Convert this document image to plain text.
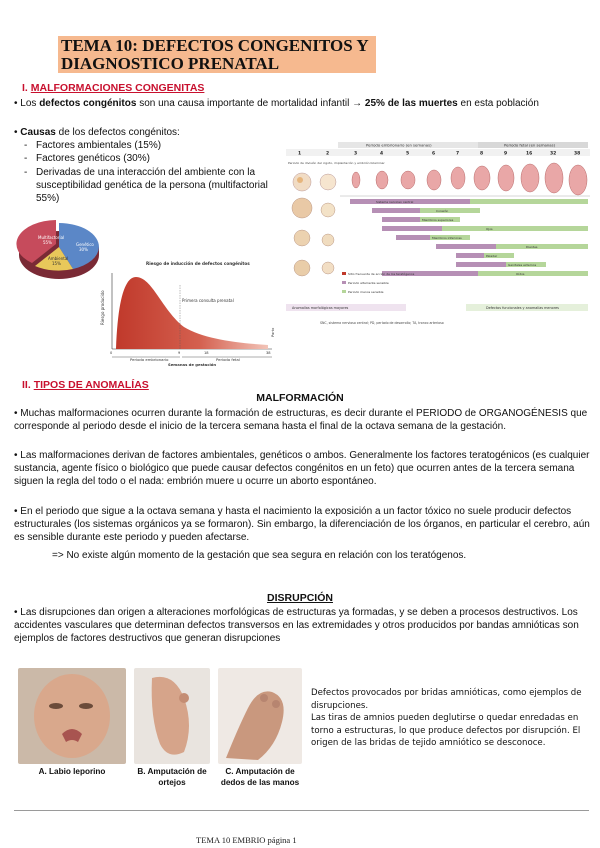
TEMA 10: DEFECTOS CONGENITOS Y DIAGNOSTICO PRENATAL
I. MALFORMACIONES CONGENITAS
• Los defectos congénitos son una causa importante de mortalidad infantil → 25% de las muertes en esta población
• Causas de los defectos congénitos:
- Factores ambientales (15%)
- Factores genéticos (30%)
- Derivadas de una interacción del ambiente con la susceptibilidad genética de la persona (multifactorial 55%)
Multifactorial
55%	Genético
30%
Ambiental
15%	Riesgo de inducción de defectos congénitos
Riesgo producido	Primera consulta prenatal
Parto
0	9	18	38
Periodo embrionario	Periodo fetal
Semanas de gestación
Periodo embrionario (en semanas)	Periodo fetal (en semanas)
1	2	3	4	5	6	7	8	9	16	32	38
Periodo de división del cigoto, implantación y embrión bilaminar
Sistema nervioso central
Corazón
Miembros superiores
Ojos
Miembros inferiores
Dientes
Paladar
Genitales externos
Oídos
Sitio frecuente de acción de los teratógenos
Periodo altamente sensible
Periodo menos sensible
Anomalías morfológicas mayores	Defectos funcionales y anomalías menores
SNC, sistema nervioso central; PD, período de desarrollo; TA, tronco arterioso
II. TIPOS DE ANOMALÍAS
MALFORMACIÓN
• Muchas malformaciones ocurren durante la formación de estructuras, es decir durante el PERIODO de ORGANOGÉNESIS que corresponde al periodo desde el inicio de la tercera semana hasta el final de la octava semana de la gestación.
• Las malformaciones derivan de factores ambientales, genéticos o ambos. Generalmente los factores teratogénicos (es cualquier sustancia, agente físico o biológico que puede causar defectos congénitos en un feto) que ocurren antes de la tercera semana siguen la regla del todo o el nada: embrión muere u ocurre un aborto espontáneo.
• En el periodo que sigue a la octava semana y hasta el nacimiento la exposición a un factor tóxico no suele producir defectos estructurales (los sistemas orgánicos ya se formaron). Sin embargo, la diferenciación de los órganos, en particular el cerebro, aún es sensible durante este periodo y pueden afectarse.
=> No existe algún momento de la gestación que sea segura en relación con los teratógenos.
DISRUPCIÓN
• Las disrupciones dan origen a alteraciones morfológicas de estructuras ya formadas, y se deben a procesos destructivos. Los accidentes vasculares que determinan defectos transversos en las extremidades y otros producidos por bandas amnióticas son ejemplos de factores destructivos que generan disrupciones
A. Labio leporino	B. Amputación de ortejos
C. Amputación de dedos de las manos
Defectos provocados por bridas amnióticas, como ejemplos de disrupciones.
Las tiras de amnios pueden deglutirse o quedar enredadas en torno a estructuras, lo que produce defectos por disrupción. El origen de las bridas de tejido amniótico se desconoce.
TEMA 10 EMBRIO página 1
